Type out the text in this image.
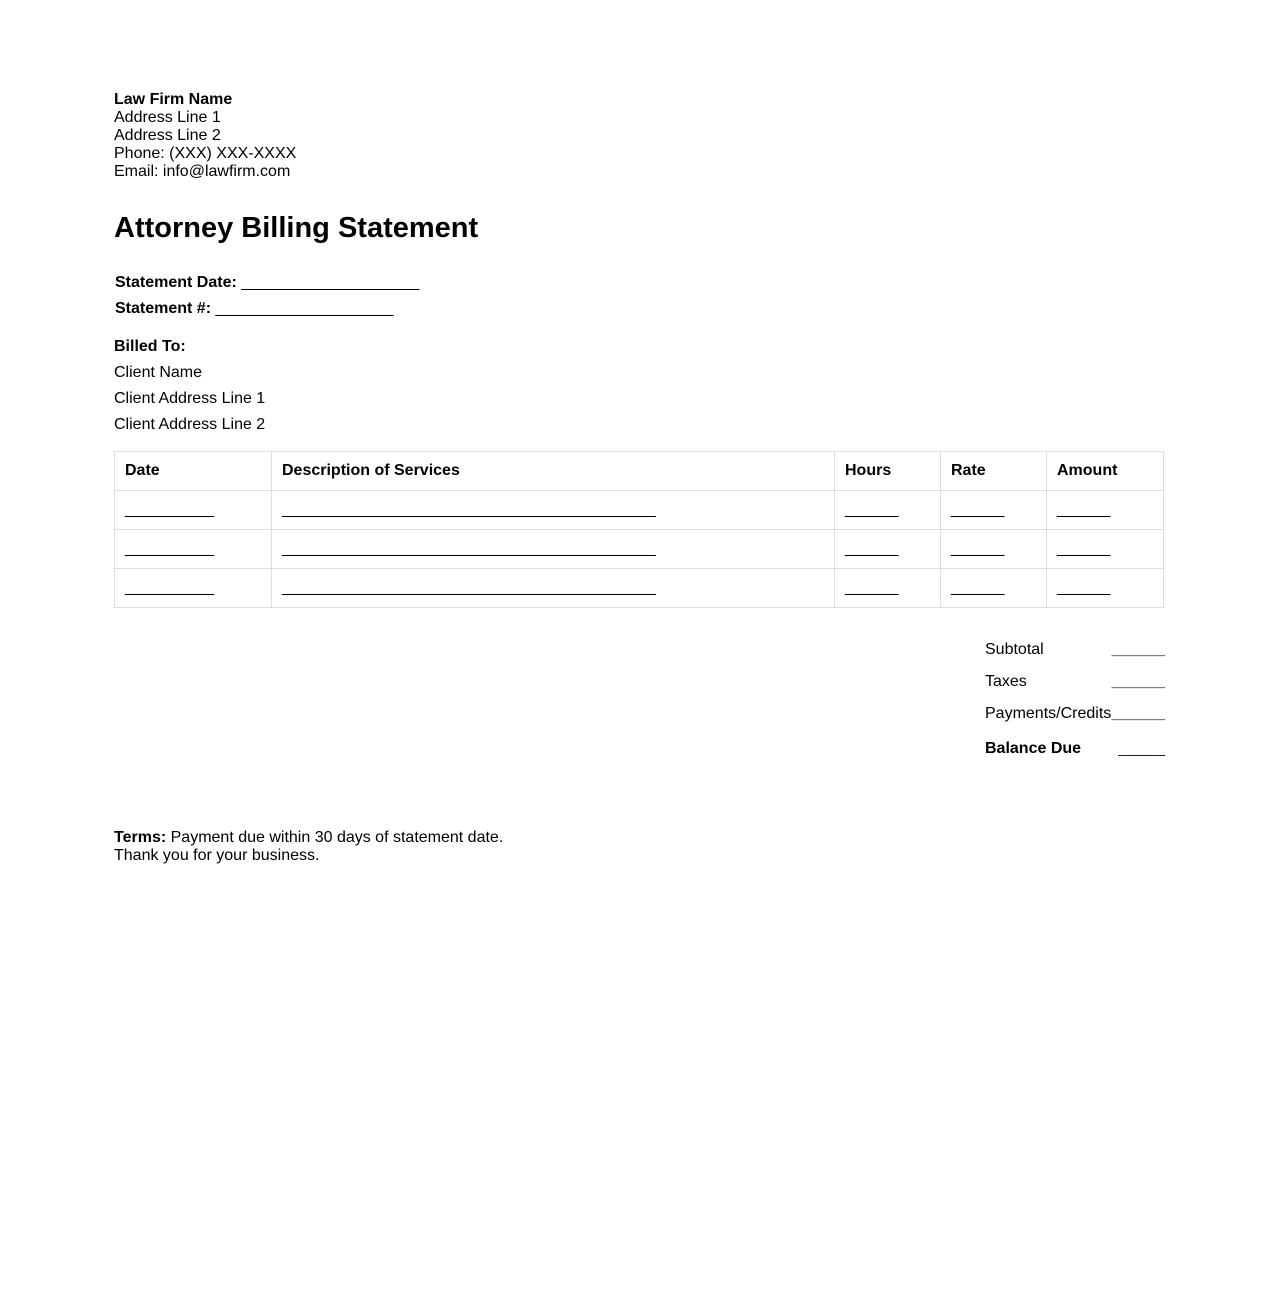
Law Firm Name
Address Line 1
Address Line 2
Phone: (XXX) XXX-XXXX
Email: info@lawfirm.com
Attorney Billing Statement
Statement Date: ____________________
Statement #: ____________________
Billed To:
Client Name
Client Address Line 1
Client Address Line 2
Date	Description of Services	Hours	Rate	Amount
__________	__________________________________________	______	______	______
__________	__________________________________________	______	______	______
__________	__________________________________________	______	______	______
Subtotal	______
Taxes	______
Payments/Credits ______
Balance Due	______
Terms: Payment due within 30 days of statement date.
Thank you for your business.
